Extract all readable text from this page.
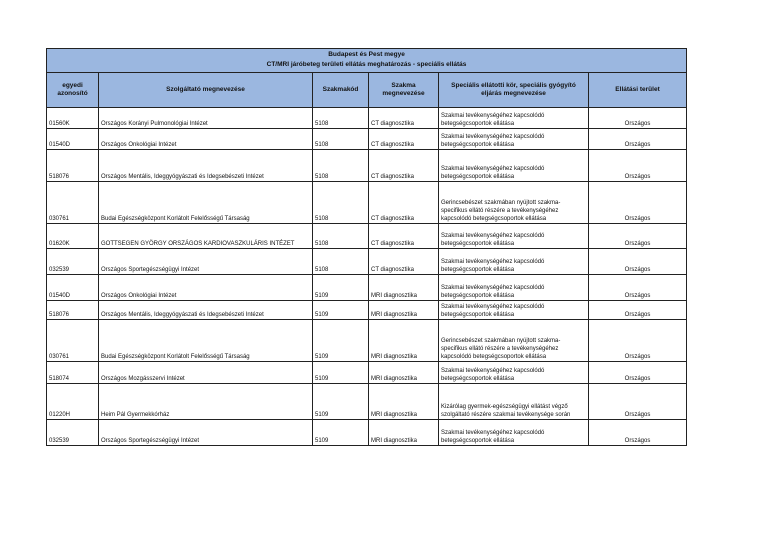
Budapest és Pest megye					
CT/MRI járóbeteg területi ellátás meghatározás - speciális ellátás					
egyedi azonosító	Szolgáltató megnevezése	Szakmakód	Szakma megnevezése	Speciális ellátotti kör, speciális gyógyító eljárás megnevezése	Ellátási terület
01560K	Országos Korányi Pulmonológiai Intézet	5108	CT diagnosztika	Szakmai tevékenységéhez kapcsolódó betegségcsoportok ellátása	Országos
01540D	Országos Onkológiai Intézet	5108	CT diagnosztika	Szakmai tevékenységéhez kapcsolódó betegségcsoportok ellátása	Országos
518076	Országos Mentális, Ideggyógyászati és Idegsebészeti Intézet	5108	CT diagnosztika	Szakmai tevékenységéhez kapcsolódó betegségcsoportok ellátása	Országos
030761	Budai Egészségközpont Korlátolt Felelősségű Társaság	5108	CT diagnosztika	Gerincsebészet szakmában nyújtott szakma-specifikus ellátó részére a tevékenységéhez kapcsolódó betegségcsoportok ellátása	Országos
01620K	GOTTSEGEN GYÖRGY ORSZÁGOS KARDIOVASZKULÁRIS INTÉZET	5108	CT diagnosztika	Szakmai tevékenységéhez kapcsolódó betegségcsoportok ellátása	Országos
032539	Országos Sportegészségügyi Intézet	5108	CT diagnosztika	Szakmai tevékenységéhez kapcsolódó betegségcsoportok ellátása	Országos
01540D	Országos Onkológiai Intézet	5109	MRI diagnosztika	Szakmai tevékenységéhez kapcsolódó betegségcsoportok ellátása	Országos
518076	Országos Mentális, Ideggyógyászati és Idegsebészeti Intézet	5109	MRI diagnosztika	Szakmai tevékenységéhez kapcsolódó betegségcsoportok ellátása	Országos
030761	Budai Egészségközpont Korlátolt Felelősségű Társaság	5109	MRI diagnosztika	Gerincsebészet szakmában nyújtott szakma-specifikus ellátó részére a tevékenységéhez kapcsolódó betegségcsoportok ellátása	Országos
518074	Országos Mozgásszervi Intézet	5109	MRI diagnosztika	Szakmai tevékenységéhez kapcsolódó betegségcsoportok ellátása	Országos
01220H	Heim Pál Gyermekkórház	5109	MRI diagnosztika	Kizárólag gyermek-egészségügyi ellátást végző szolgáltató részére szakmai tevékenysége során	Országos
032539	Országos Sportegészségügyi Intézet	5109	MRI diagnosztika	Szakmai tevékenységéhez kapcsolódó betegségcsoportok ellátása	Országos
